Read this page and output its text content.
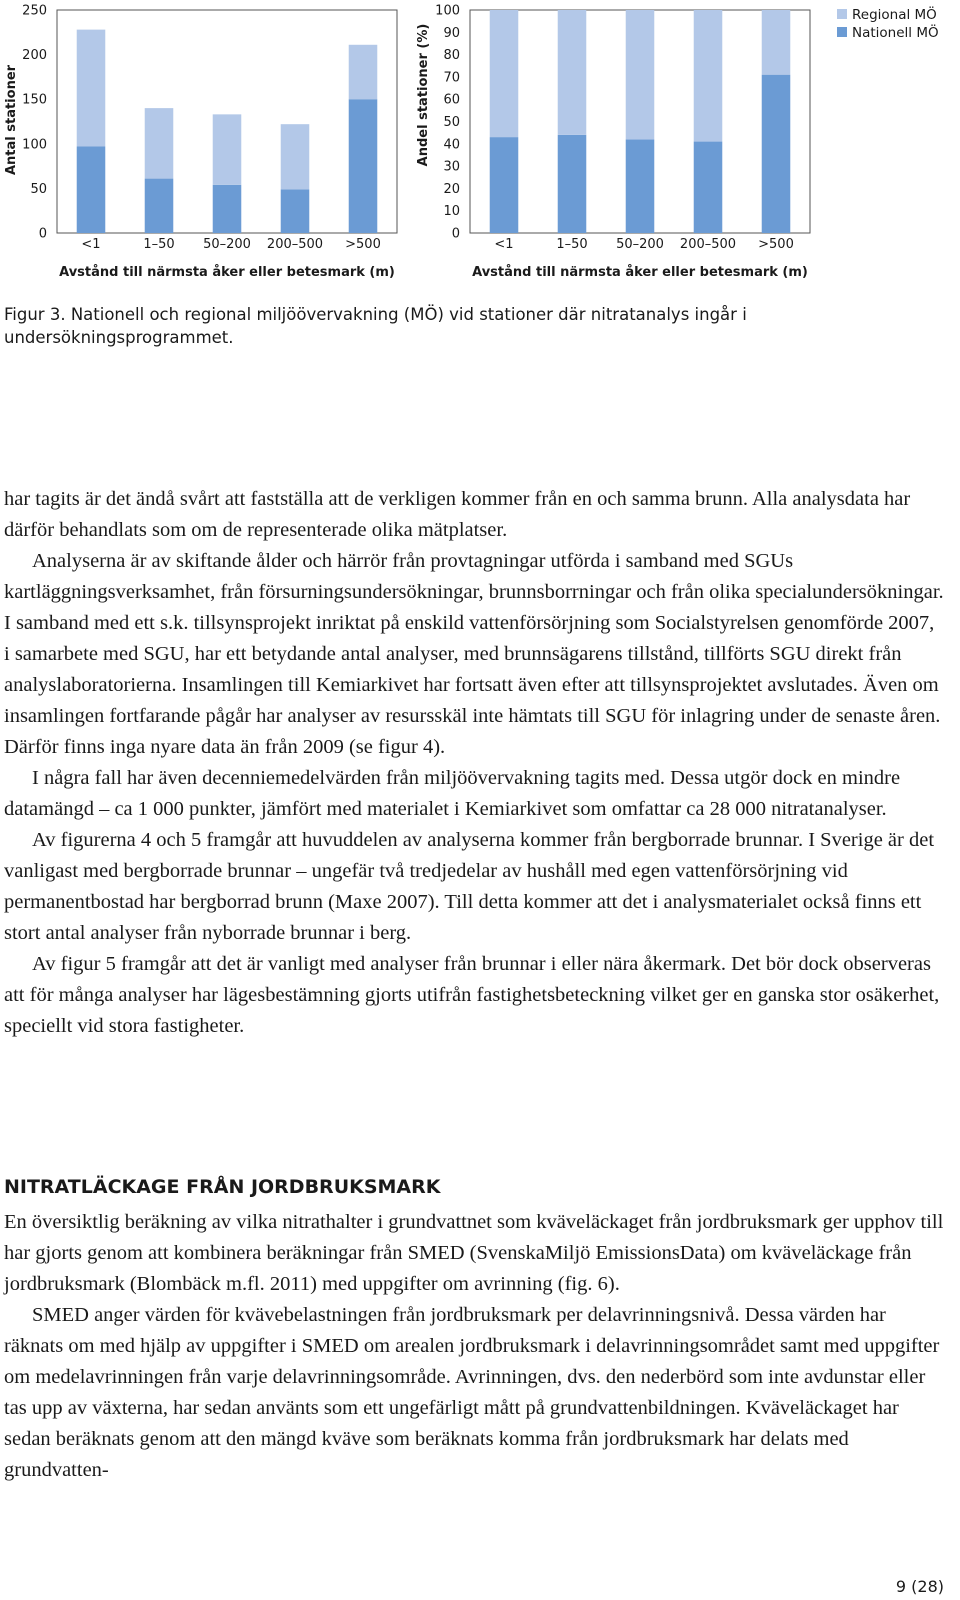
0
50
100
150
200
250
<1	1–50 50–200 200–500 >500
Antal stationer
Avstånd till närmsta åker eller betesmark (m)
0
10
20
30
40
50
60
70
80
90
100
<1	1–50 50–200 200–500 >500
Andel stationer (%)
Avstånd till närmsta åker eller betesmark (m)
Regional MÖ
Nationell MÖ
Figur 3. Nationell och regional miljöövervakning (MÖ) vid stationer där nitratanalys ingår i undersökningsprogrammet.

har tagits är det ändå svårt att fastställa att de verkligen kommer från en och samma brunn. Alla analysdata har därför behandlats som om de representerade olika mätplatser.

Analyserna är av skiftande ålder och härrör från provtagningar utförda i samband med SGUs kartläggningsverksamhet, från försurningsundersökningar, brunnsborrningar och från olika specialundersökningar. I samband med ett s.k. tillsynsprojekt inriktat på enskild vattenförsörjning som Socialstyrelsen genomförde 2007, i samarbete med SGU, har ett betydande antal analyser, med brunnsägarens tillstånd, tillförts SGU direkt från analyslaboratorierna. Insamlingen till Kemiarkivet har fortsatt även efter att tillsynsprojektet avslutades. Även om insamlingen fortfarande pågår har analyser av resursskäl inte hämtats till SGU för inlagring under de senaste åren. Därför finns inga nyare data än från 2009 (se figur 4).

I några fall har även decenniemedelvärden från miljöövervakning tagits med. Dessa utgör dock en mindre datamängd – ca 1 000 punkter, jämfört med materialet i Kemiarkivet som omfattar ca 28 000 nitratanalyser.

Av figurerna 4 och 5 framgår att huvuddelen av analyserna kommer från bergborrade brunnar. I Sverige är det vanligast med bergborrade brunnar – ungefär två tredjedelar av hushåll med egen vattenförsörjning vid permanentbostad har bergborrad brunn (Maxe 2007). Till detta kommer att det i analysmaterialet också finns ett stort antal analyser från nyborrade brunnar i berg.

Av figur 5 framgår att det är vanligt med analyser från brunnar i eller nära åkermark. Det bör dock observeras att för många analyser har lägesbestämning gjorts utifrån fastighetsbeteckning vilket ger en ganska stor osäkerhet, speciellt vid stora fastigheter.

NITRATLÄCKAGE FRÅN JORDBRUKSMARK

En översiktlig beräkning av vilka nitrathalter i grundvattnet som kväveläckaget från jordbruksmark ger upphov till har gjorts genom att kombinera beräkningar från SMED (SvenskaMiljö EmissionsData) om kväveläckage från jordbruksmark (Blombäck m.fl. 2011) med uppgifter om avrinning (fig. 6).

SMED anger värden för kvävebelastningen från jordbruksmark per delavrinningsnivå. Dessa värden har räknats om med hjälp av uppgifter i SMED om arealen jordbruksmark i delavrinningsområdet samt med uppgifter om medelavrinningen från varje delavrinningsområde. Avrinningen, dvs. den nederbörd som inte avdunstar eller tas upp av växterna, har sedan använts som ett ungefärligt mått på grundvattenbildningen. Kväveläckaget har sedan beräknats genom att den mängd kväve som beräknats komma från jordbruksmark har delats med grundvatten-

9 (28)
